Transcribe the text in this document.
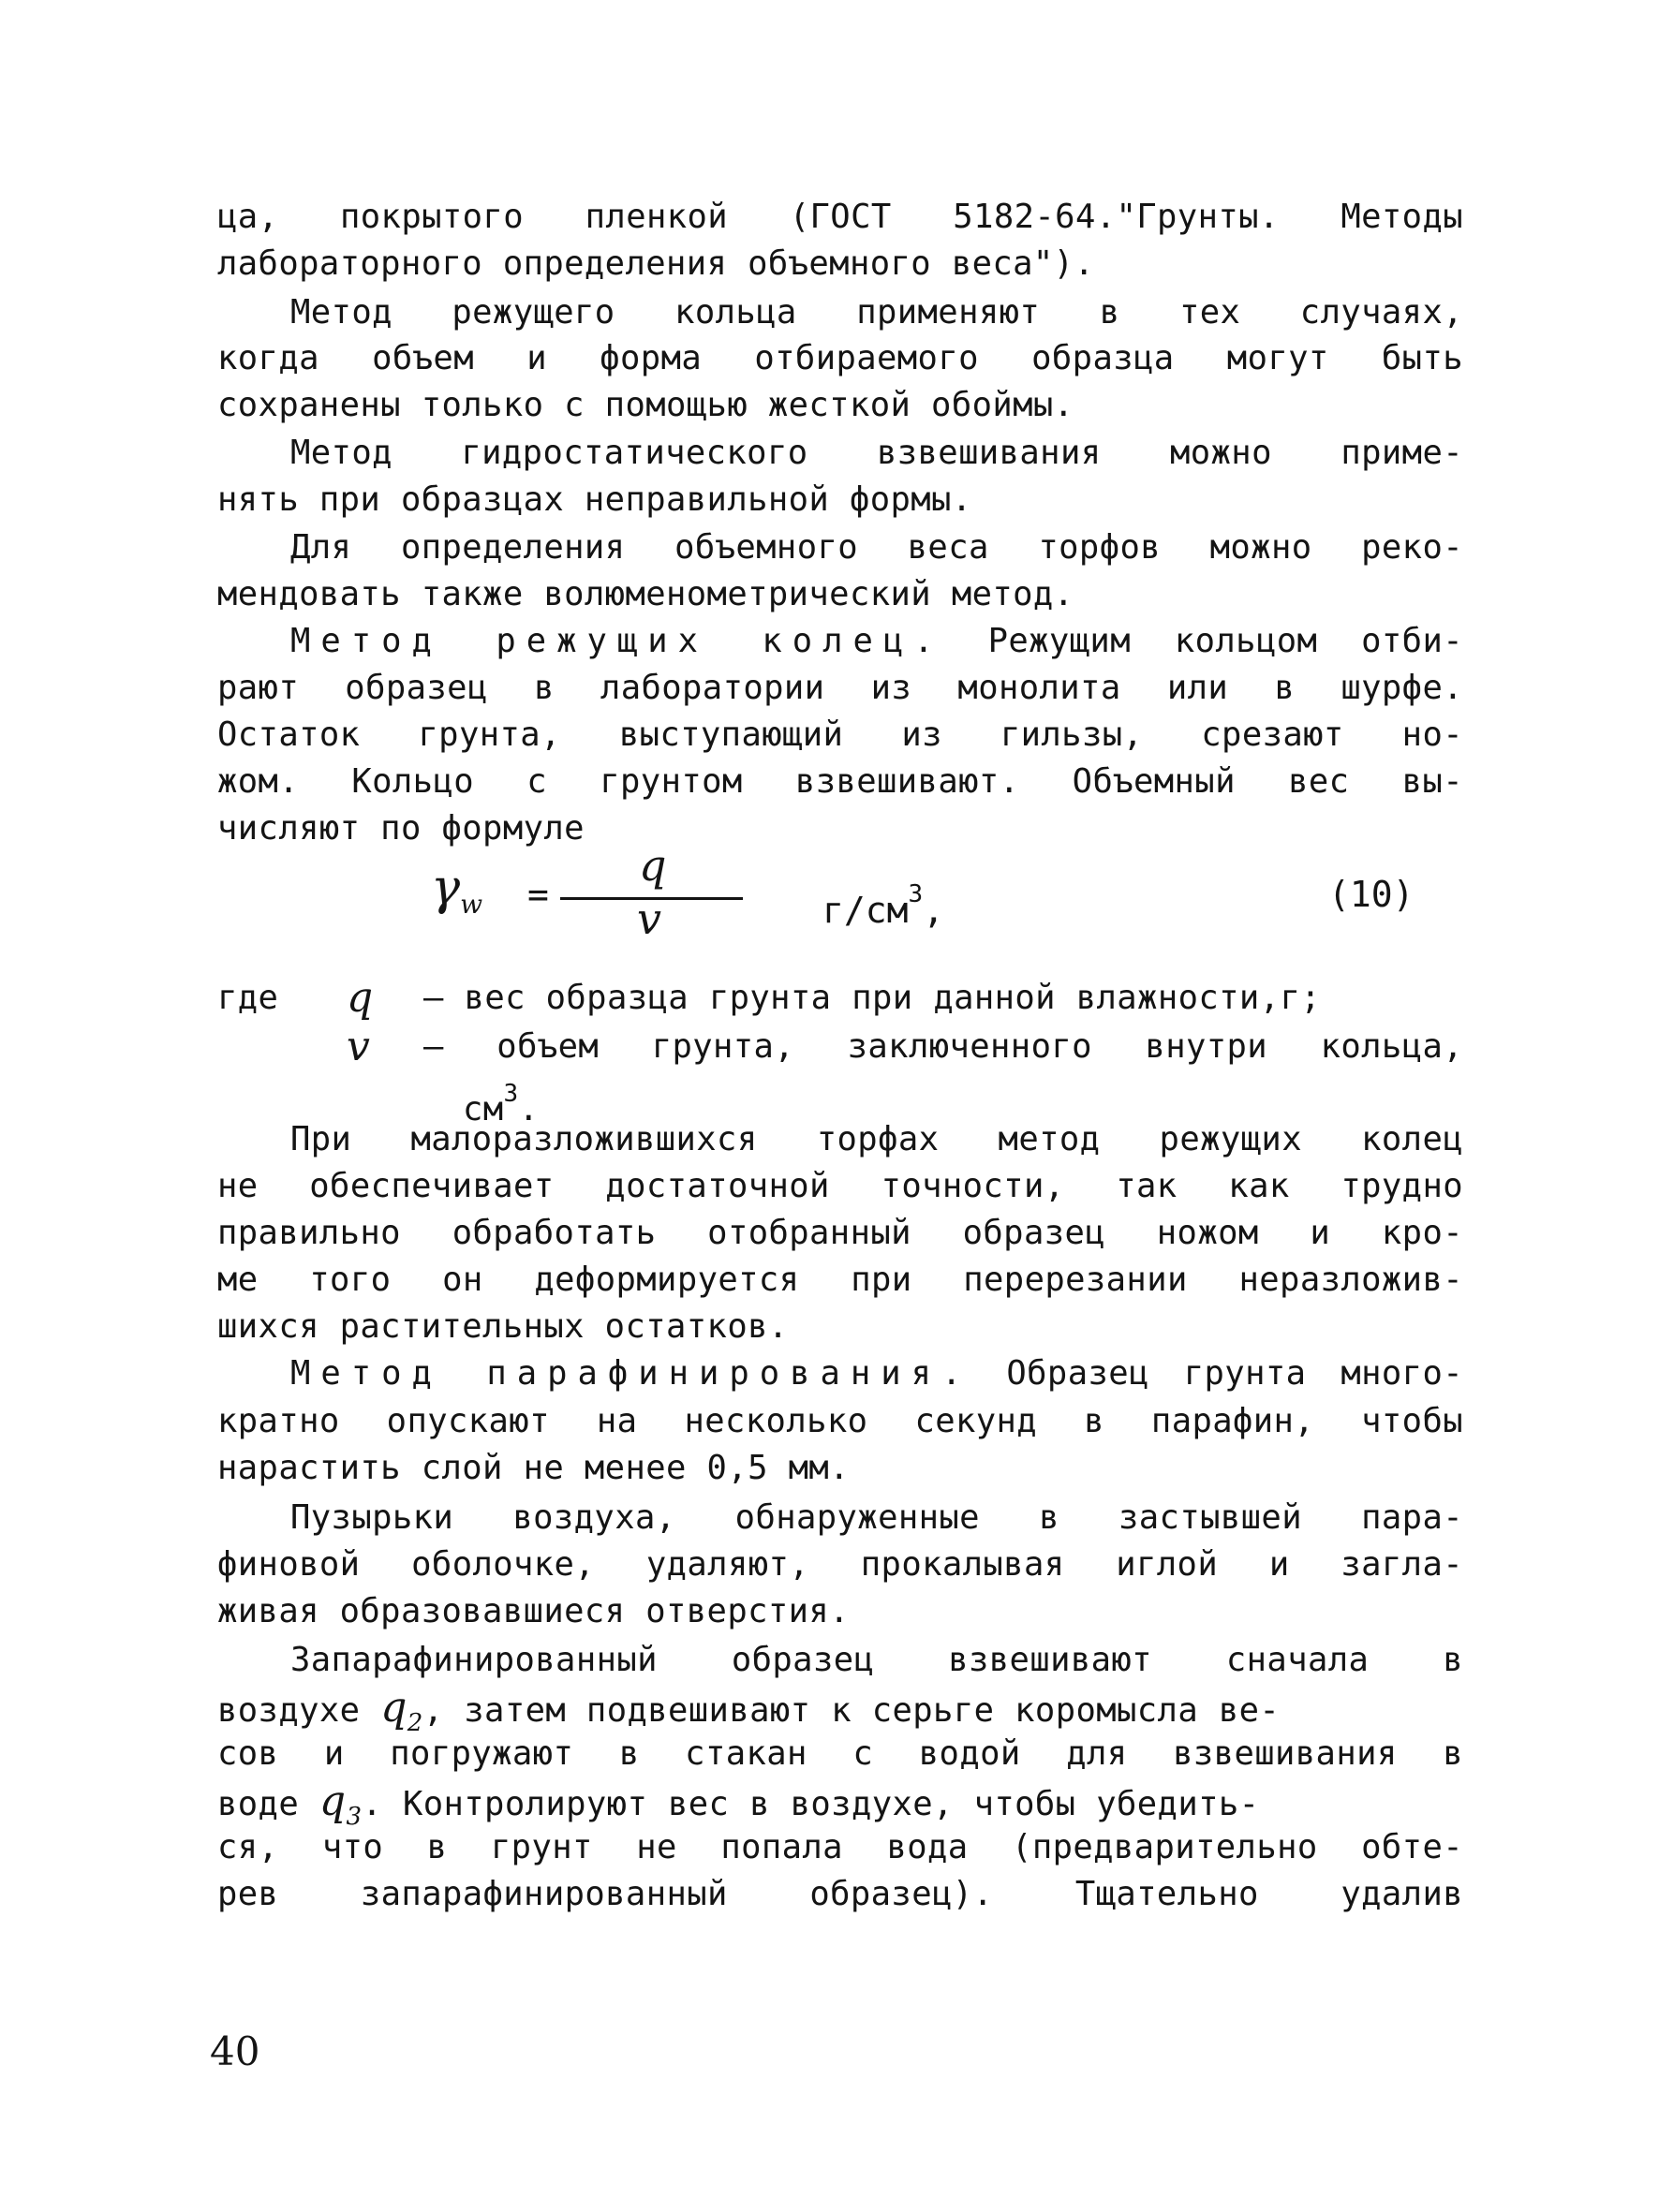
ца, покрытого пленкой (ГОСТ 5182-64."Грунты. Методы
лабораторного определения объемного веса").
Метод режущего кольца применяют в тех случаях,
когда объем и форма отбираемого образца могут быть
сохранены только с помощью жесткой обоймы.
Метод гидростатического взвешивания можно приме-
нять при образцах неправильной формы.
Для определения объемного веса торфов можно реко-
мендовать также волюменометрический метод.
Метод режущих колец. Режущим кольцом отби-
рают образец в лаборатории из монолита или в шурфе.
Остаток грунта, выступающий из гильзы, срезают но-
жом. Кольцо с грунтом взвешивают. Объемный вес вы-
числяют по формуле
$\gamma_w$ =
q
v	$г/см^3$,	(10)
где q – вес образца грунта при данной влажности,г;
v – объем грунта, заключенного внутри кольца,
$см^3$.
При малоразложившихся торфах метод режущих колец
не обеспечивает достаточной точности, так как трудно
правильно обработать отобранный образец ножом и кро-
ме того он деформируется при перерезании неразложив-
шихся растительных остатков.
Метод парафинирования. Образец грунта много-
кратно опускают на несколько секунд в парафин, чтобы
нарастить слой не менее 0,5 мм.
Пузырьки воздуха, обнаруженные в застывшей пара-
финовой оболочке, удаляют, прокалывая иглой и загла-
живая образовавшиеся отверстия.
Запарафинированный образец взвешивают сначала в
воздухе $q_2$, затем подвешивают к серьге коромысла ве-
сов и погружают в стакан с водой для взвешивания в
воде $q_3$. Контролируют вес в воздухе, чтобы убедить-
ся, что в грунт не попала вода (предварительно обте-
рев запарафинированный образец). Тщательно удалив
40
